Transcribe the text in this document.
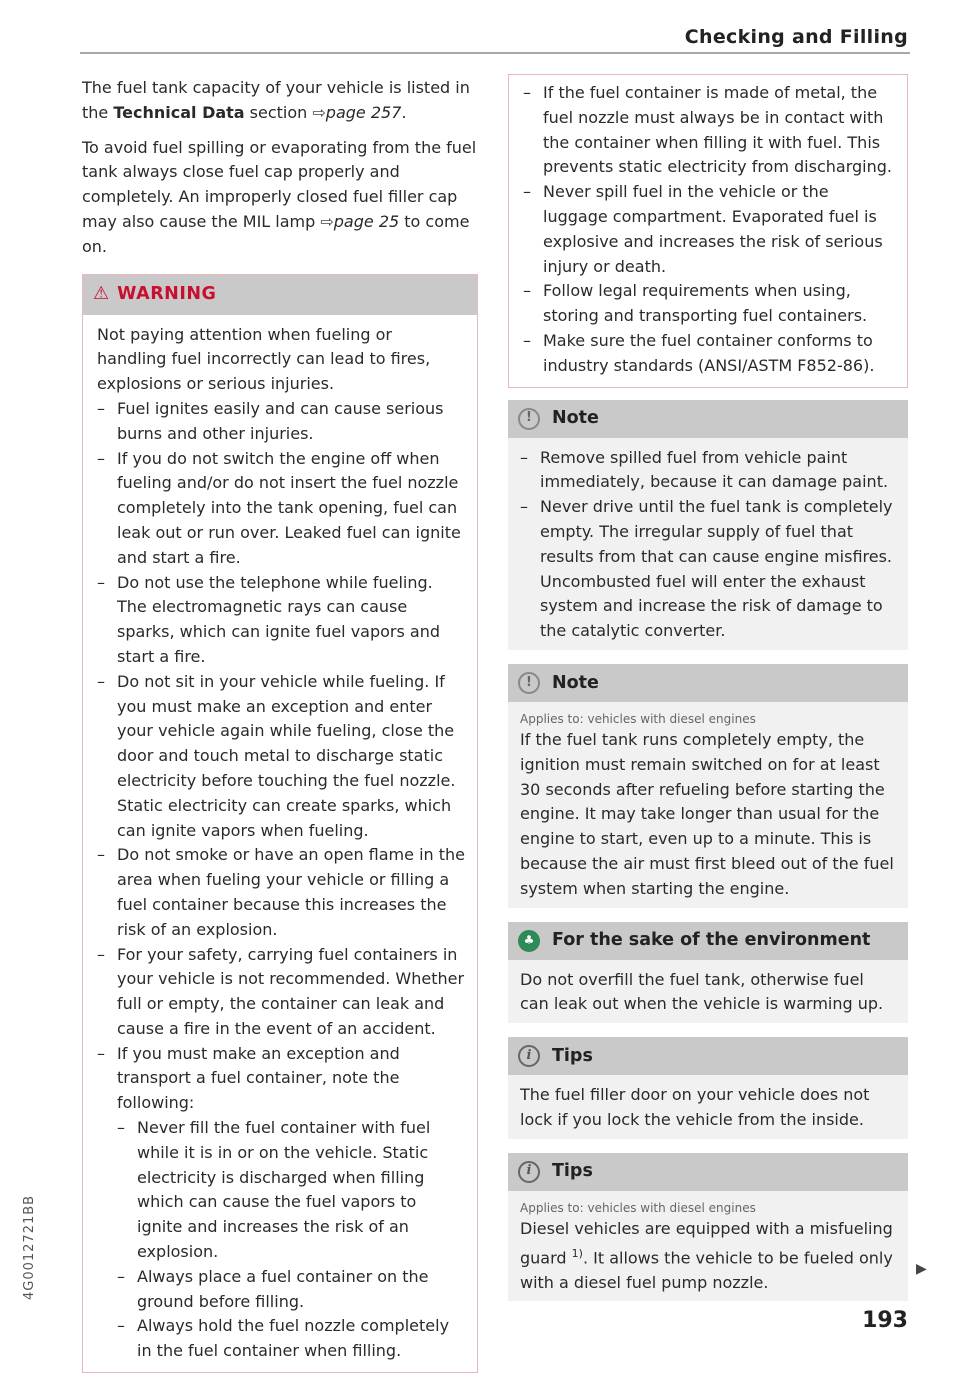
Checking and Filling

The fuel tank capacity of your vehicle is listed in the Technical Data section ⇨page 257.

To avoid fuel spilling or evaporating from the fuel tank always close fuel cap properly and completely. An improperly closed fuel filler cap may also cause the MIL lamp ⇨page 25 to come on.

⚠ WARNING

Not paying attention when fueling or handling fuel incorrectly can lead to fires, explosions or serious injuries.

– Fuel ignites easily and can cause serious burns and other injuries.
– If you do not switch the engine off when fueling and/or do not insert the fuel nozzle completely into the tank opening, fuel can leak out or run over. Leaked fuel can ignite and start a fire.
– Do not use the telephone while fueling. The electromagnetic rays can cause sparks, which can ignite fuel vapors and start a fire.
– Do not sit in your vehicle while fueling. If you must make an exception and enter your vehicle again while fueling, close the door and touch metal to discharge static electricity before touching the fuel nozzle. Static electricity can create sparks, which can ignite vapors when fueling.
– Do not smoke or have an open flame in the area when fueling your vehicle or filling a fuel container because this increases the risk of an explosion.
– For your safety, carrying fuel containers in your vehicle is not recommended. Whether full or empty, the container can leak and cause a fire in the event of an accident.
– If you must make an exception and transport a fuel container, note the following:
– Never fill the fuel container with fuel while it is in or on the vehicle. Static electricity is discharged when filling which can cause the fuel vapors to ignite and increases the risk of an explosion.
– Always place a fuel container on the ground before filling.
– Always hold the fuel nozzle completely in the fuel container when filling.
– If the fuel container is made of metal, the fuel nozzle must always be in contact with the container when filling it with fuel. This prevents static electricity from discharging.
– Never spill fuel in the vehicle or the luggage compartment. Evaporated fuel is explosive and increases the risk of serious injury or death.
– Follow legal requirements when using, storing and transporting fuel containers.
– Make sure the fuel container conforms to industry standards (ANSI/ASTM F852-86).
!	Note
– Remove spilled fuel from vehicle paint immediately, because it can damage paint.
– Never drive until the fuel tank is completely empty. The irregular supply of fuel that results from that can cause engine misfires. Uncombusted fuel will enter the exhaust system and increase the risk of damage to the catalytic converter.
!	Note

Applies to: vehicles with diesel engines

If the fuel tank runs completely empty, the ignition must remain switched on for at least 30 seconds after refueling before starting the engine. It may take longer than usual for the engine to start, even up to a minute. This is because the air must first bleed out of the fuel system when starting the engine.

♣	For the sake of the environment

Do not overfill the fuel tank, otherwise fuel can leak out when the vehicle is warming up.

i	Tips

The fuel filler door on your vehicle does not lock if you lock the vehicle from the inside.

i	Tips

Applies to: vehicles with diesel engines

Diesel vehicles are equipped with a misfueling guard $^{1)}$. It allows the vehicle to be fueled only with a diesel fuel pump nozzle.

▶
4G0012721BB
193
